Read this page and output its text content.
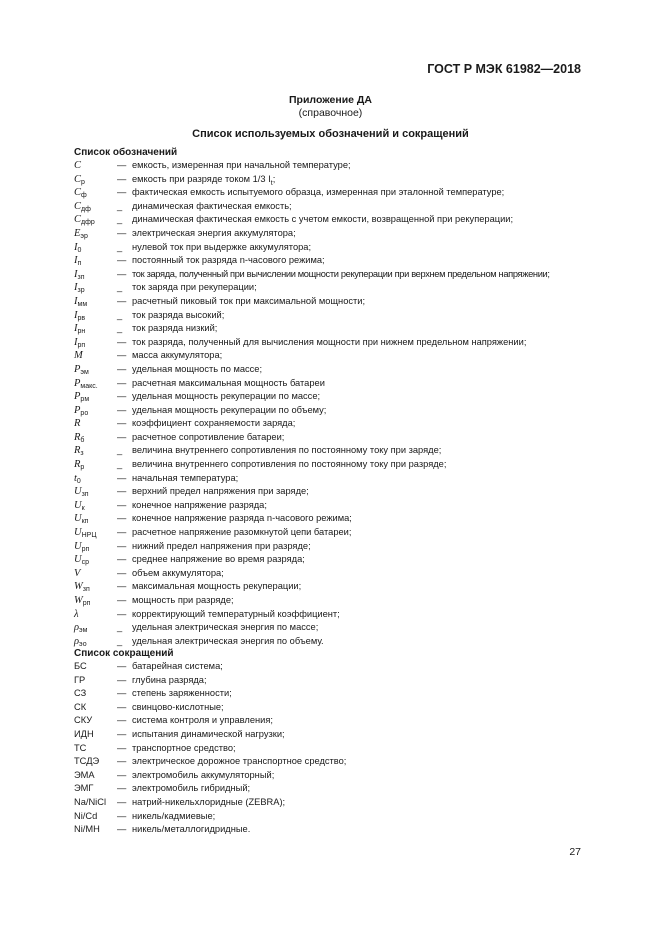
ГОСТ Р МЭК 61982—2018
Приложение ДА
(справочное)
Список используемых обозначений и сокращений
Список обозначений
C	— емкость, измеренная при начальной температуре;
$C_p$	— емкость при разряде током 1/3 $I_t$;
$C_ф$	— фактическая емкость испытуемого образца, измеренная при эталонной температуре;
$C_{дф}$	_	динамическая фактическая емкость;
$C_{дфр}$	_	динамическая фактическая емкость с учетом емкости, возвращенной при рекуперации;
$E_{эр}$	— электрическая энергия аккумулятора;
$I_0$	_	нулевой ток при выдержке аккумулятора;
$I_п$	— постоянный ток разряда n-часового режима;
$I_{зп}$	— ток заряда, полученный при вычислении мощности рекуперации при верхнем предельном напряжении;
$I_{зр}$	_	ток заряда при рекуперации;
$I_{мм}$	— расчетный пиковый ток при максимальной мощности;
$I_{рв}$	_	ток разряда высокий;
$I_{рн}$	_	ток разряда низкий;
$I_{рп}$	— ток разряда, полученный для вычисления мощности при нижнем предельном напряжении;
M	— масса аккумулятора;
$P_{эм}$	— удельная мощность по массе;
$P_{макс.}$	— расчетная максимальная мощность батареи
$P_{рм}$	— удельная мощность рекуперации по массе;
$P_{ро}$	— удельная мощность рекуперации по объему;
R	— коэффициент сохраняемости заряда;
$R_б$	— расчетное сопротивление батареи;
$R_з$	_	величина внутреннего сопротивления по постоянному току при заряде;
$R_р$	_	величина внутреннего сопротивления по постоянному току при разряде;
$t_0$	— начальная температура;
$U_{зп}$	— верхний предел напряжения при заряде;
$U_к$	— конечное напряжение разряда;
$U_{кп}$	— конечное напряжение разряда n-часового режима;
$U_{НРЦ}$	— расчетное напряжение разомкнутой цепи батареи;
$U_{рп}$	— нижний предел напряжения при разряде;
$U_{ср}$	— среднее напряжение во время разряда;
V	— объем аккумулятора;
$W_{зп}$	— максимальная мощность рекуперации;
$W_{рп}$	— мощность при разряде;
λ	— корректирующий температурный коэффициент;
$\rho_{эм}$	_	удельная электрическая энергия по массе;
$\rho_{эо}$	_	удельная электрическая энергия по объему.
Список сокращений
БС	— батарейная система;
ГР	— глубина разряда;
СЗ	— степень заряженности;
СК	— свинцово-кислотные;
СКУ	— система контроля и управления;
ИДН	— испытания динамической нагрузки;
ТС	— транспортное средство;
ТСДЭ	— электрическое дорожное транспортное средство;
ЭМА	— электромобиль аккумуляторный;
ЭМГ	— электромобиль гибридный;
Na/NiCl	— натрий-никельхлоридные (ZEBRA);
Ni/Cd	— никель/кадмиевые;
Ni/MH	— никель/металлогидридные.
27
